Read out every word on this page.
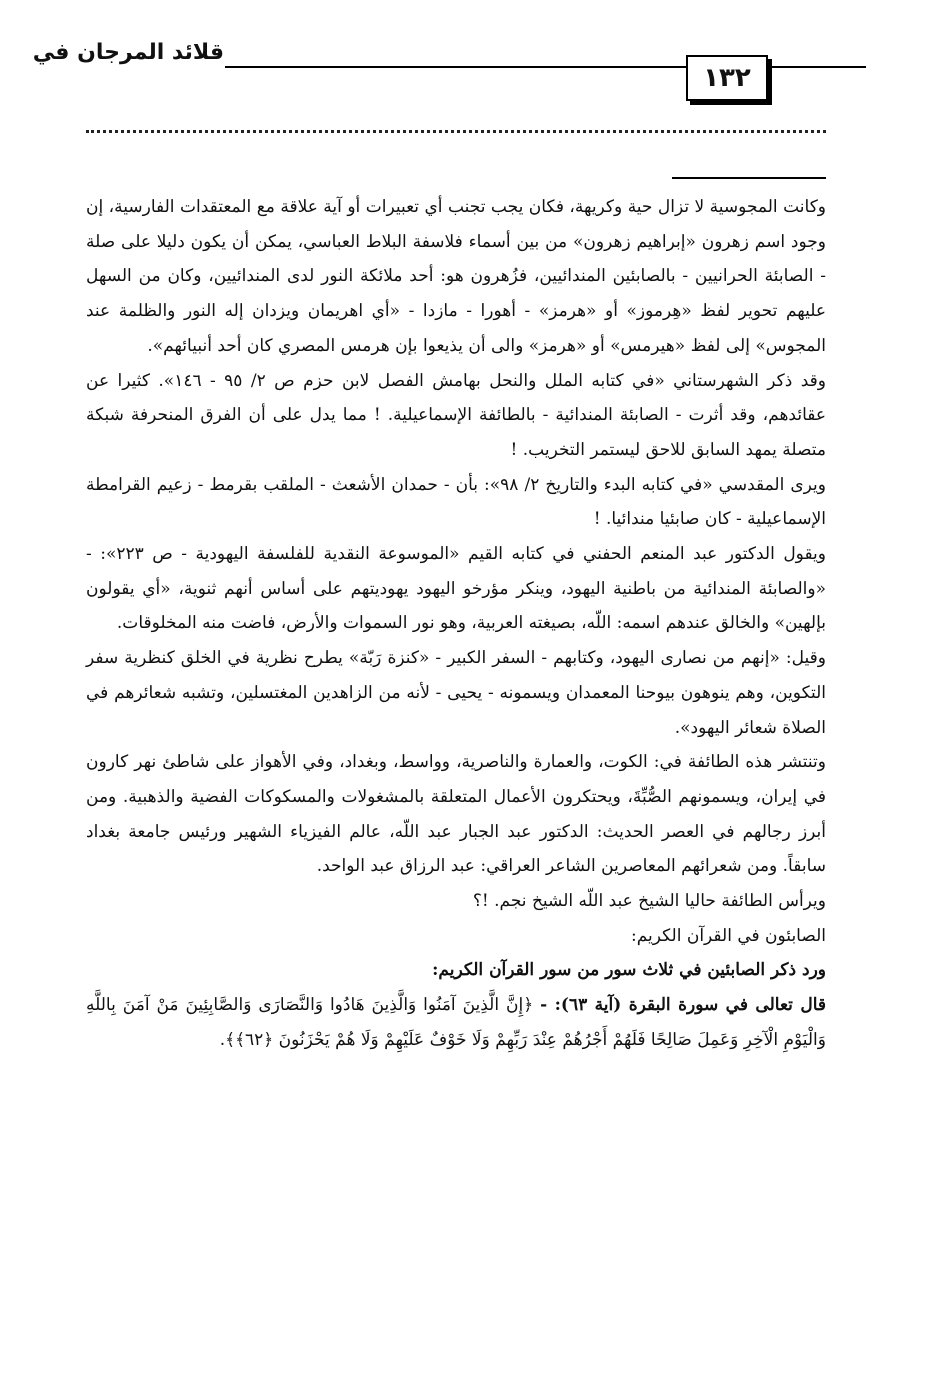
قلائد المرجان في
١٣٢

وكانت المجوسية لا تزال حية وكريهة، فكان يجب تجنب أي تعبيرات أو آية علاقة مع المعتقدات الفارسية، إن وجود اسم زهرون «إبراهيم زهرون» من بين أسماء فلاسفة البلاط العباسي، يمكن أن يكون دليلا على صلة - الصابئة الحرانيين - بالصابئين المندائيين، فزُهرون هو: أحد ملائكة النور لدى المندائيين، وكان من السهل عليهم تحوير لفظ «هِرموز» أو «هرمز» - أهورا - مازدا - «أي اهريمان ويزدان إله النور والظلمة عند المجوس» إلى لفظ «هيرمس» أو «هرمز» والى أن يذيعوا بإن هرمس المصري كان أحد أنبيائهم».

وقد ذكر الشهرستاني «في كتابه الملل والنحل بهامش الفصل لابن حزم ص ٢/ ٩٥ - ١٤٦». كثيرا عن عقائدهم، وقد أثرت - الصابئة المندائية - بالطائفة الإسماعيلية. ! مما يدل على أن الفرق المنحرفة شبكة متصلة يمهد السابق للاحق ليستمر التخريب. !

ويرى المقدسي «في كتابه البدء والتاريخ ٢/ ٩٨»: بأن - حمدان الأشعث - الملقب بقرمط - زعيم القرامطة الإسماعيلية - كان صابئيا مندائيا. !

ويقول الدكتور عبد المنعم الحفني في كتابه القيم «الموسوعة النقدية للفلسفة اليهودية - ص ٢٢٣»: - «والصابئة المندائية من باطنية اليهود، وينكر مؤرخو اليهود يهوديتهم على أساس أنهم ثنوية، «أي يقولون بإلهين» والخالق عندهم اسمه: اللّه، بصيغته العربية، وهو نور السموات والأرض، فاضت منه المخلوقات.

وقيل: «إنهم من نصارى اليهود، وكتابهم - السفر الكبير - «كنزة رَبّة» يطرح نظرية في الخلق كنظرية سفر التكوين، وهم ينوهون بيوحنا المعمدان ويسمونه - يحيى - لأنه من الزاهدين المغتسلين، وتشبه شعائرهم في الصلاة شعائر اليهود».

وتنتشر هذه الطائفة في: الكوت، والعمارة والناصرية، وواسط، وبغداد، وفي الأهواز على شاطئ نهر كارون في إيران، ويسمونهم الصُّبِّةَ، ويحتكرون الأعمال المتعلقة بالمشغولات والمسكوكات الفضية والذهبية. ومن أبرز رجالهم في العصر الحديث: الدكتور عبد الجبار عبد اللّه، عالم الفيزياء الشهير ورئيس جامعة بغداد سابقاً. ومن شعرائهم المعاصرين الشاعر العراقي: عبد الرزاق عبد الواحد.

ويرأس الطائفة حاليا الشيخ عبد اللّه الشيخ نجم. !؟

الصابئون في القرآن الكريم:

ورد ذكر الصابئين في ثلاث سور من سور القرآن الكريم:

قال تعالى في سورة البقرة (آية ٦٣): - ﴿إِنَّ الَّذِينَ آمَنُوا وَالَّذِينَ هَادُوا وَالنَّصَارَى وَالصَّابِئِينَ مَنْ آمَنَ بِاللَّهِ وَالْيَوْمِ الْآخِرِ وَعَمِلَ صَالِحًا فَلَهُمْ أَجْرُهُمْ عِنْدَ رَبِّهِمْ وَلَا خَوْفٌ عَلَيْهِمْ وَلَا هُمْ يَحْزَنُونَ ﴿٦٢﴾﴾.
